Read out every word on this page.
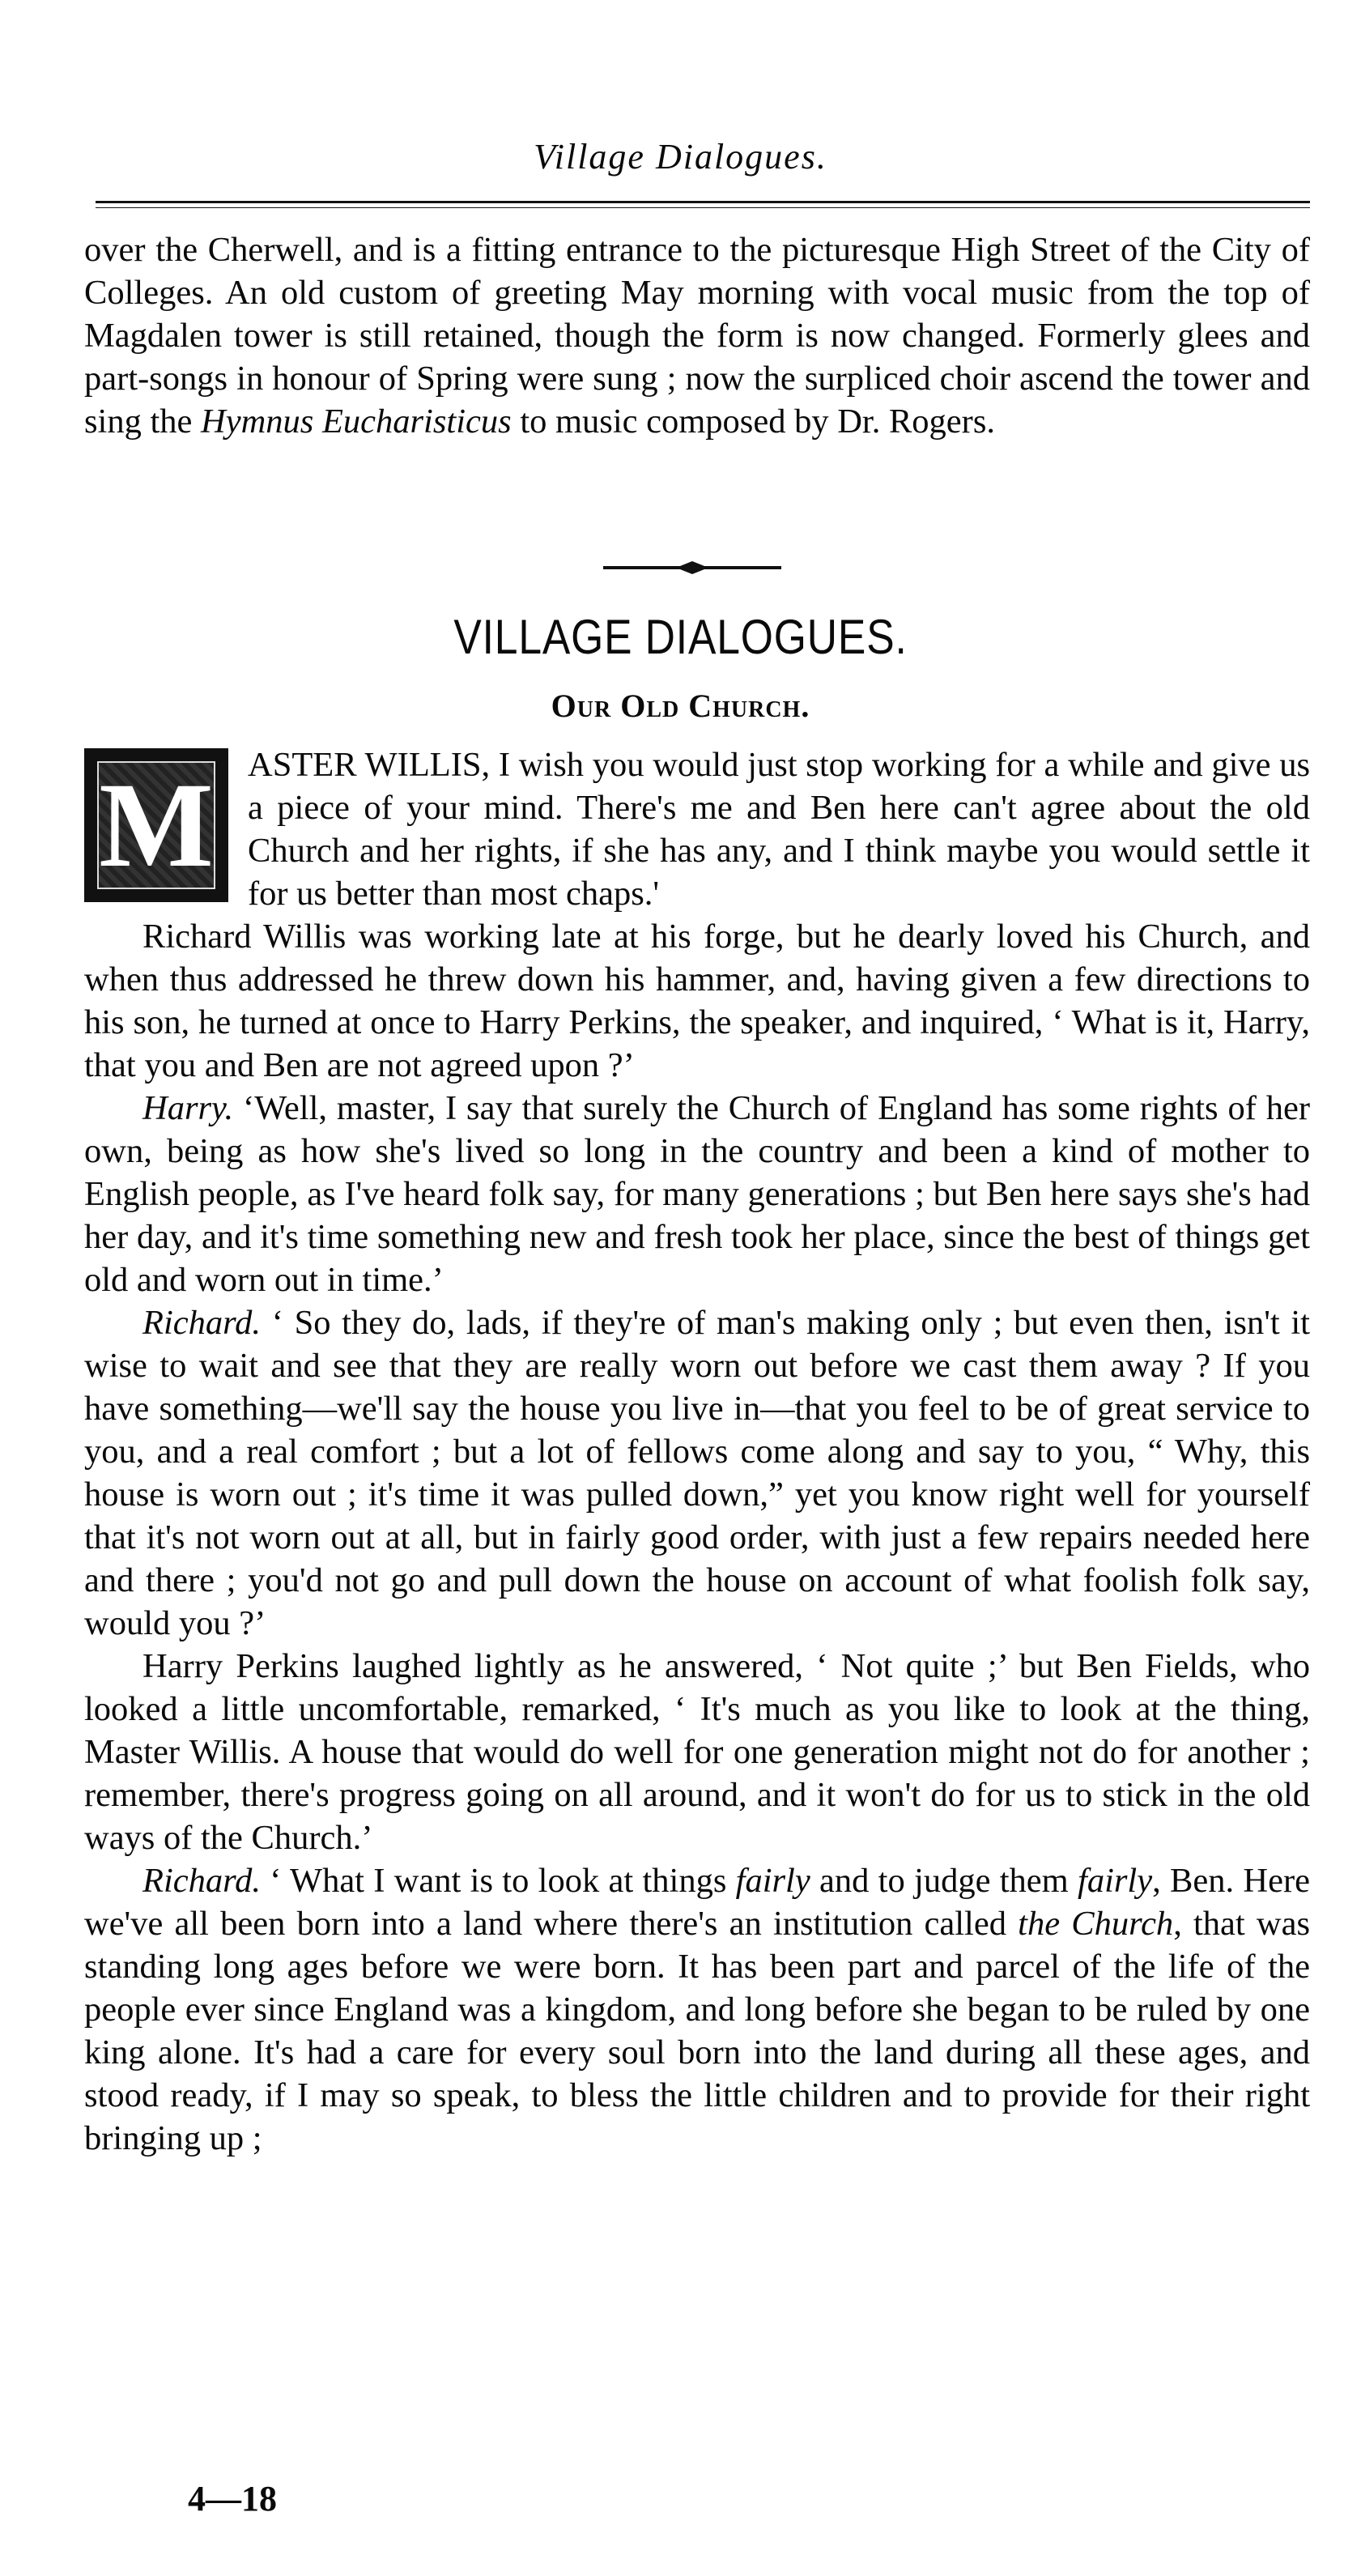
Village Dialogues.

over the Cherwell, and is a fitting entrance to the picturesque High Street of the City of Colleges. An old custom of greeting May morning with vocal music from the top of Magdalen tower is still retained, though the form is now changed. Formerly glees and part-songs in honour of Spring were sung ; now the surpliced choir ascend the tower and sing the Hymnus Eucharisticus to music composed by Dr. Rogers.

VILLAGE DIALOGUES.
Our Old Church.

M ASTER WILLIS, I wish you would just stop working for a while and give us a piece of your mind. There's me and Ben here can't agree about the old Church and her rights, if she has any, and I think maybe you would settle it for us better than most chaps.'

Richard Willis was working late at his forge, but he dearly loved his Church, and when thus addressed he threw down his hammer, and, having given a few directions to his son, he turned at once to Harry Perkins, the speaker, and inquired, ‘ What is it, Harry, that you and Ben are not agreed upon ?’

Harry. ‘Well, master, I say that surely the Church of England has some rights of her own, being as how she's lived so long in the country and been a kind of mother to English people, as I've heard folk say, for many generations ; but Ben here says she's had her day, and it's time something new and fresh took her place, since the best of things get old and worn out in time.’

Richard. ‘ So they do, lads, if they're of man's making only ; but even then, isn't it wise to wait and see that they are really worn out before we cast them away ? If you have something—we'll say the house you live in—that you feel to be of great service to you, and a real comfort ; but a lot of fellows come along and say to you, “ Why, this house is worn out ; it's time it was pulled down,” yet you know right well for yourself that it's not worn out at all, but in fairly good order, with just a few repairs needed here and there ; you'd not go and pull down the house on account of what foolish folk say, would you ?’

Harry Perkins laughed lightly as he answered, ‘ Not quite ;’ but Ben Fields, who looked a little uncomfortable, remarked, ‘ It's much as you like to look at the thing, Master Willis. A house that would do well for one generation might not do for another ; remember, there's progress going on all around, and it won't do for us to stick in the old ways of the Church.’

Richard. ‘ What I want is to look at things fairly and to judge them fairly, Ben. Here we've all been born into a land where there's an institution called the Church, that was standing long ages before we were born. It has been part and parcel of the life of the people ever since England was a kingdom, and long before she began to be ruled by one king alone. It's had a care for every soul born into the land during all these ages, and stood ready, if I may so speak, to bless the little children and to provide for their right bringing up ;

4—18
